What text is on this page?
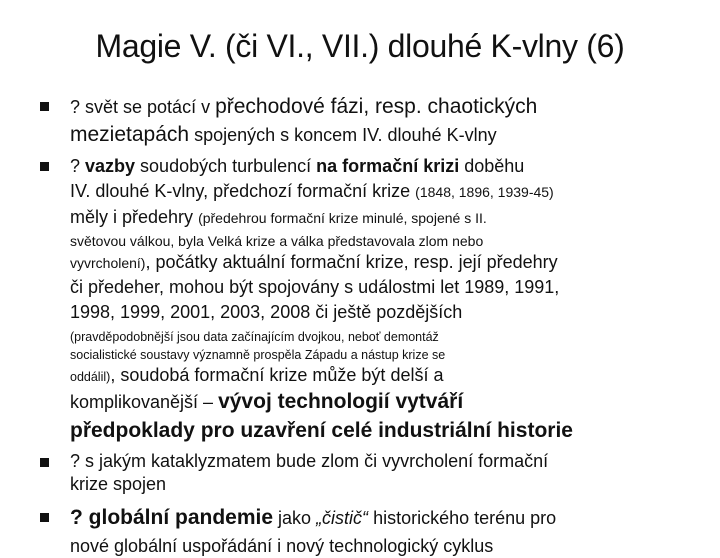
Magie V. (či VI., VII.) dlouhé K-vlny (6)
? svět se potácí v přechodové fázi, resp. chaotických
mezietapách spojených s koncem IV. dlouhé K-vlny
? vazby soudobých turbulencí na formační krizi doběhu
IV. dlouhé K-vlny, předchozí formační krize (1848, 1896, 1939-45)
měly i předehry (předehrou formační krize minulé, spojené s II.
světovou válkou, byla Velká krize a válka představovala zlom nebo
vyvrcholení), počátky aktuální formační krize, resp. její předehry
či předeher, mohou být spojovány s událostmi let 1989, 1991,
1998, 1999, 2001, 2003, 2008 či ještě pozdějších
(pravděpodobnější jsou data začínajícím dvojkou, neboť demontáž
socialistické soustavy významně prospěla Západu a nástup krize se
oddálil), soudobá formační krize může být delší a
komplikovanější – vývoj technologií vytváří
předpoklady pro uzavření celé industriální historie
? s jakým kataklyzmatem bude zlom či vyvrcholení formační
krize spojen
? globální pandemie jako „čistič“ historického terénu pro
nové globální uspořádání i nový technologický cyklus
